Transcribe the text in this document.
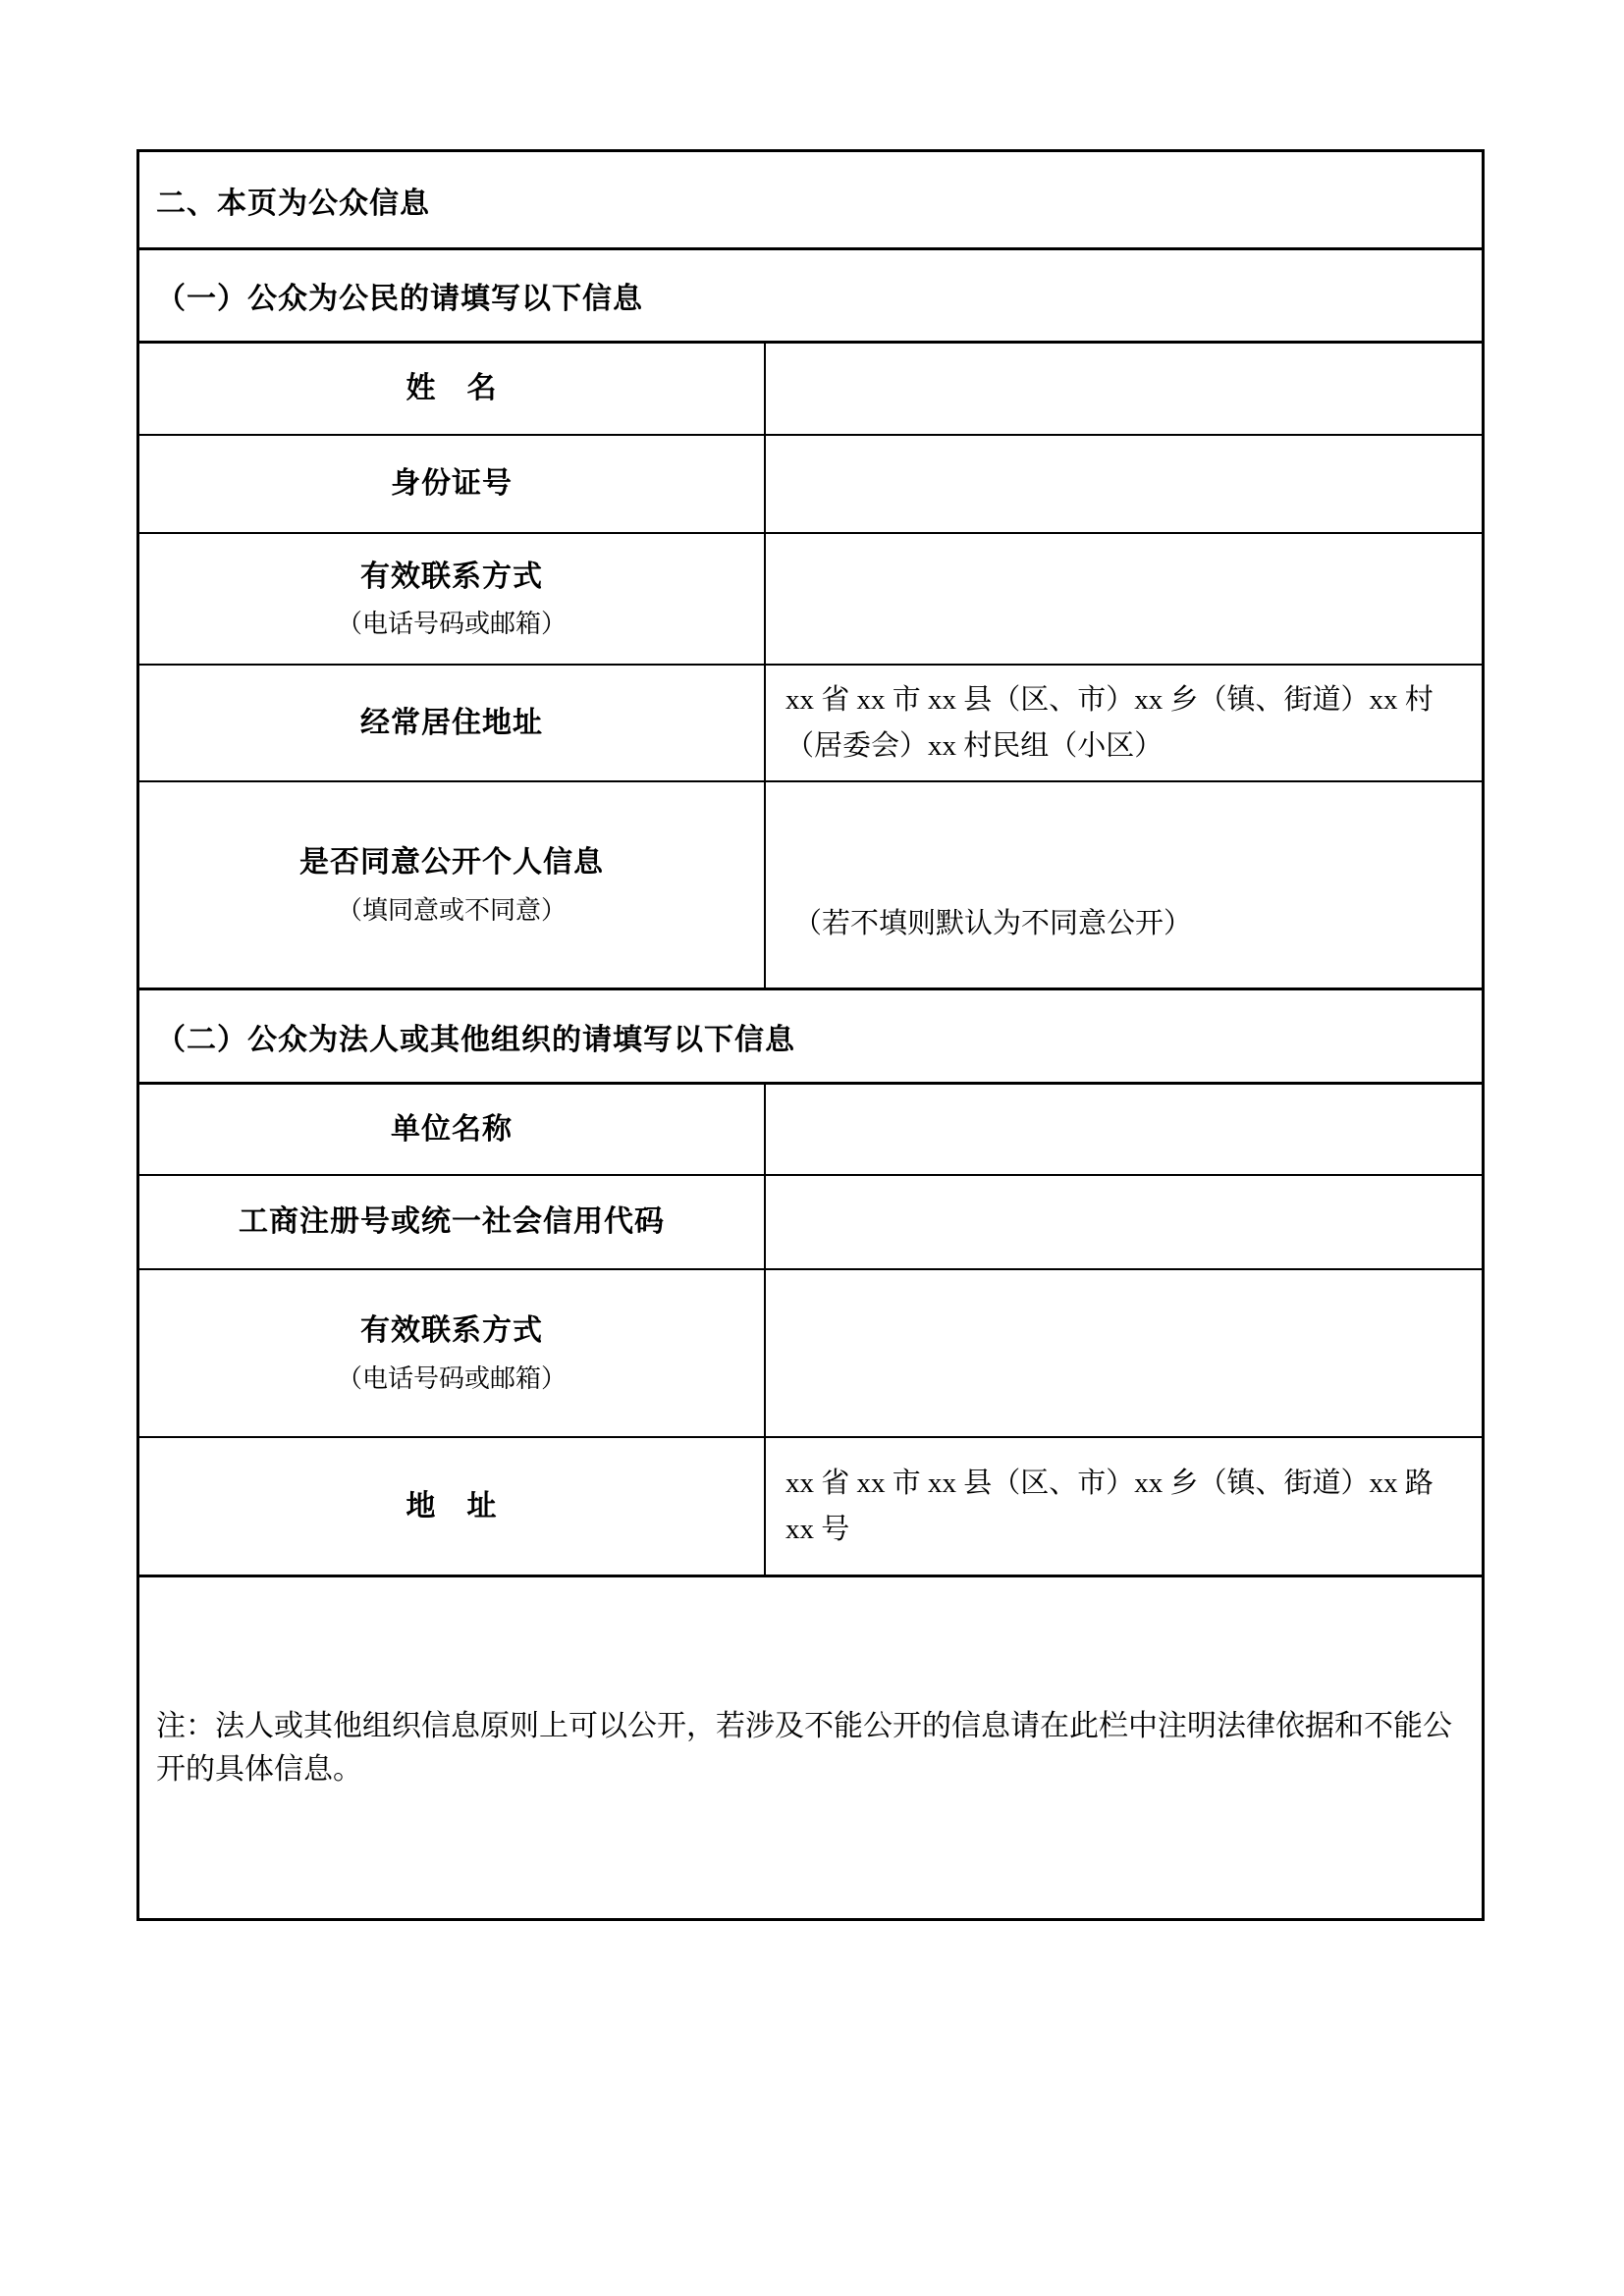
二、本页为公众信息
（一）公众为公民的请填写以下信息
姓　名
身份证号
有效联系方式
（电话号码或邮箱）
经常居住地址
xx 省 xx 市 xx 县（区、市）xx 乡（镇、街道）xx 村（居委会）xx 村民组（小区）
是否同意公开个人信息
（填同意或不同意）	（若不填则默认为不同意公开）
（二）公众为法人或其他组织的请填写以下信息
单位名称
工商注册号或统一社会信用代码
有效联系方式
（电话号码或邮箱）
地　址
xx 省 xx 市 xx 县（区、市）xx 乡（镇、街道）xx 路 xx 号
注：法人或其他组织信息原则上可以公开，若涉及不能公开的信息请在此栏中注明法律依据和不能公开的具体信息。
